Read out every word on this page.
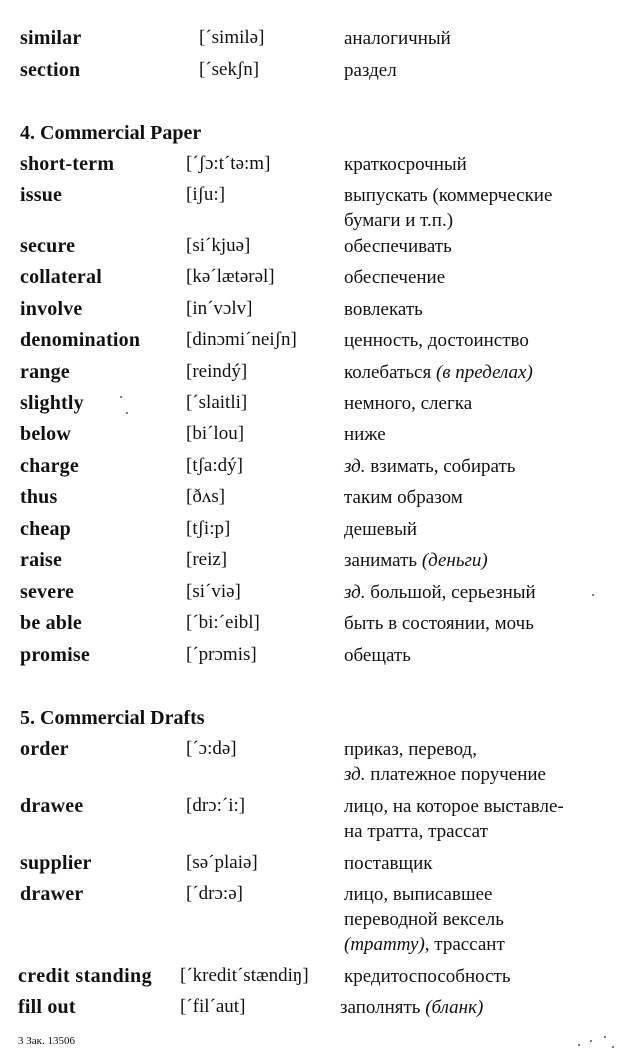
similar	[ˊsimilə]	аналогичный
section	[ˊsekʃn]	раздел
4. Commercial Paper
short-term	[ˊʃɔ:tˊtə:m]	краткосрочный
issue	[iʃu:]	выпускать (коммерческие
бумаги и т.п.)
secure	[siˊkjuə]	обеспечивать
collateral	[kəˊlætərəl]	обеспечение
involve	[inˊvɔlv]	вовлекать
denomination [dinɔmiˊneiʃn] ценность, достоинство
range	[reindý]	колебаться (в пределах)
slightly	[ˊslaitli]	немного, слегка
below	[biˊlou]	ниже
charge	[tʃa:dý]	зд. взимать, собирать
thus	[ðʌs]	таким образом
cheap	[tʃi:p]	дешевый
raise	[reiz]	занимать (деньги)
severe	[siˊviə]	зд. большой, серьезный
be able	[ˊbi:ˊeibl]	быть в состоянии, мочь
promise	[ˊprɔmis]	обещать
5. Commercial Drafts
order	[ˊɔ:də]	приказ, перевод,
зд. платежное поручение
drawee	[drɔ:ˊi:]	лицо, на которое выставле-
на тратта, трассат
supplier	[səˊplaiə]	поставщик
drawer	[ˊdrɔ:ə]	лицо, выписавшее
переводной вексель
(тратту), трассант
credit standing [ˊkreditˊstændiŋ] кредитоспособность
fill out	[ˊfilˊaut]	заполнять (бланк)
3 Зак. 13506
